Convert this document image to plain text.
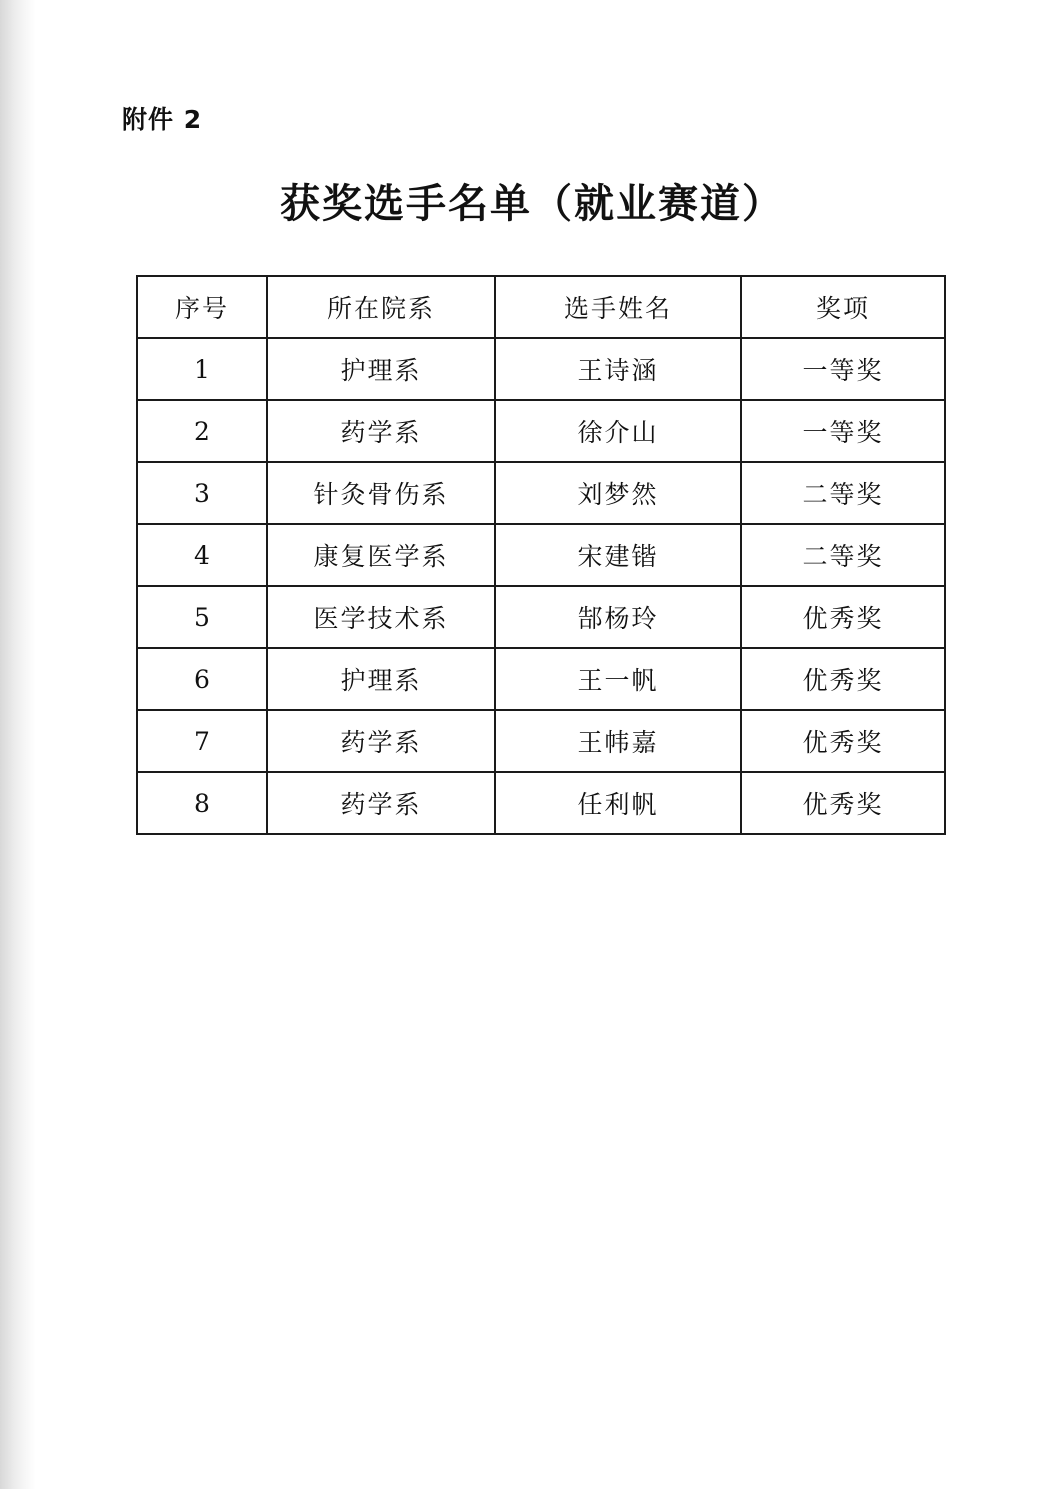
附件 2
获奖选手名单（就业赛道）
序号	所在院系	选手姓名	奖项
1	护理系	王诗涵	一等奖
2	药学系	徐介山	一等奖
3	针灸骨伤系	刘梦然	二等奖
4	康复医学系	宋建锴	二等奖
5	医学技术系	郜杨玲	优秀奖
6	护理系	王一帆	优秀奖
7	药学系	王帏嘉	优秀奖
8	药学系	任利帆	优秀奖
